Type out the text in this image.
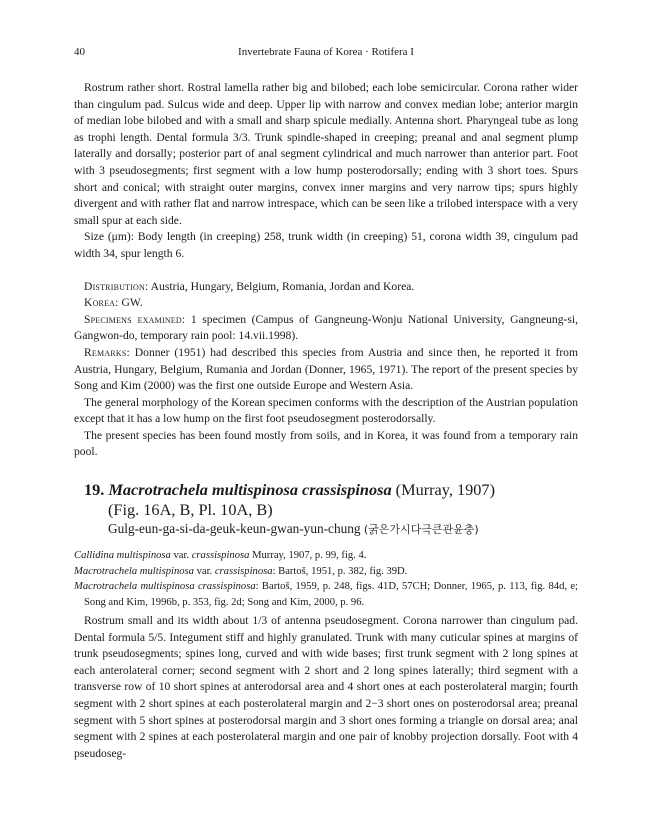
40	Invertebrate Fauna of Korea · Rotifera I

Rostrum rather short. Rostral lamella rather big and bilobed; each lobe semicircular. Corona rather wider than cingulum pad. Sulcus wide and deep. Upper lip with narrow and convex median lobe; anterior margin of median lobe bilobed and with a small and sharp spicule medially. Antenna short. Pharyngeal tube as long as trophi length. Dental formula 3/3. Trunk spindle-shaped in creeping; preanal and anal segment plump laterally and dorsally; posterior part of anal segment cylindrical and much narrower than anterior part. Foot with 3 pseudosegments; first segment with a low hump posterodorsally; ending with 3 short toes. Spurs short and conical; with straight outer margins, convex inner margins and very narrow tips; spurs highly divergent and with rather flat and narrow intrespace, which can be seen like a trilobed interspace with a very small spur at each side.

Size (μm): Body length (in creeping) 258, trunk width (in creeping) 51, corona width 39, cingulum pad width 34, spur length 6.

Distribution: Austria, Hungary, Belgium, Romania, Jordan and Korea.

Korea: GW.

Specimens examined: 1 specimen (Campus of Gangneung-Wonju National University, Gangneung-si, Gangwon-do, temporary rain pool: 14.vii.1998).

Remarks: Donner (1951) had described this species from Austria and since then, he reported it from Austria, Hungary, Belgium, Rumania and Jordan (Donner, 1965, 1971). The report of the present species by Song and Kim (2000) was the first one outside Europe and Western Asia.

The general morphology of the Korean specimen conforms with the description of the Austrian population except that it has a low hump on the first foot pseudosegment posterodorsally.

The present species has been found mostly from soils, and in Korea, it was found from a temporary rain pool.

19. Macrotrachela multispinosa crassispinosa (Murray, 1907)
(Fig. 16A, B, Pl. 10A, B)
Gulg-eun-ga-si-da-geuk-keun-gwan-yun-chung (굵은가시다극큰관윤충)

Callidina multispinosa var. crassispinosa Murray, 1907, p. 99, fig. 4.

Macrotrachela multispinosa var. crassispinosa: Bartoš, 1951, p. 382, fig. 39D.

Macrotrachela multispinosa crassispinosa: Bartoš, 1959, p. 248, figs. 41D, 57CH; Donner, 1965, p. 113, fig. 84d, e; Song and Kim, 1996b, p. 353, fig. 2d; Song and Kim, 2000, p. 96.

Rostrum small and its width about 1/3 of antenna pseudosegment. Corona narrower than cingulum pad. Dental formula 5/5. Integument stiff and highly granulated. Trunk with many cuticular spines at margins of trunk pseudosegments; spines long, curved and with wide bases; first trunk segment with 2 long spines at each anterolateral corner; second segment with 2 short and 2 long spines laterally; third segment with a transverse row of 10 short spines at anterodorsal area and 4 short ones at each posterolateral margin; fourth segment with 2 short spines at each posterolateral margin and 2−3 short ones on posterodorsal area; preanal segment with 5 short spines at posterodorsal margin and 3 short ones forming a triangle on dorsal area; anal segment with 2 spines at each posterolateral margin and one pair of knobby projection dorsally. Foot with 4 pseudoseg-
